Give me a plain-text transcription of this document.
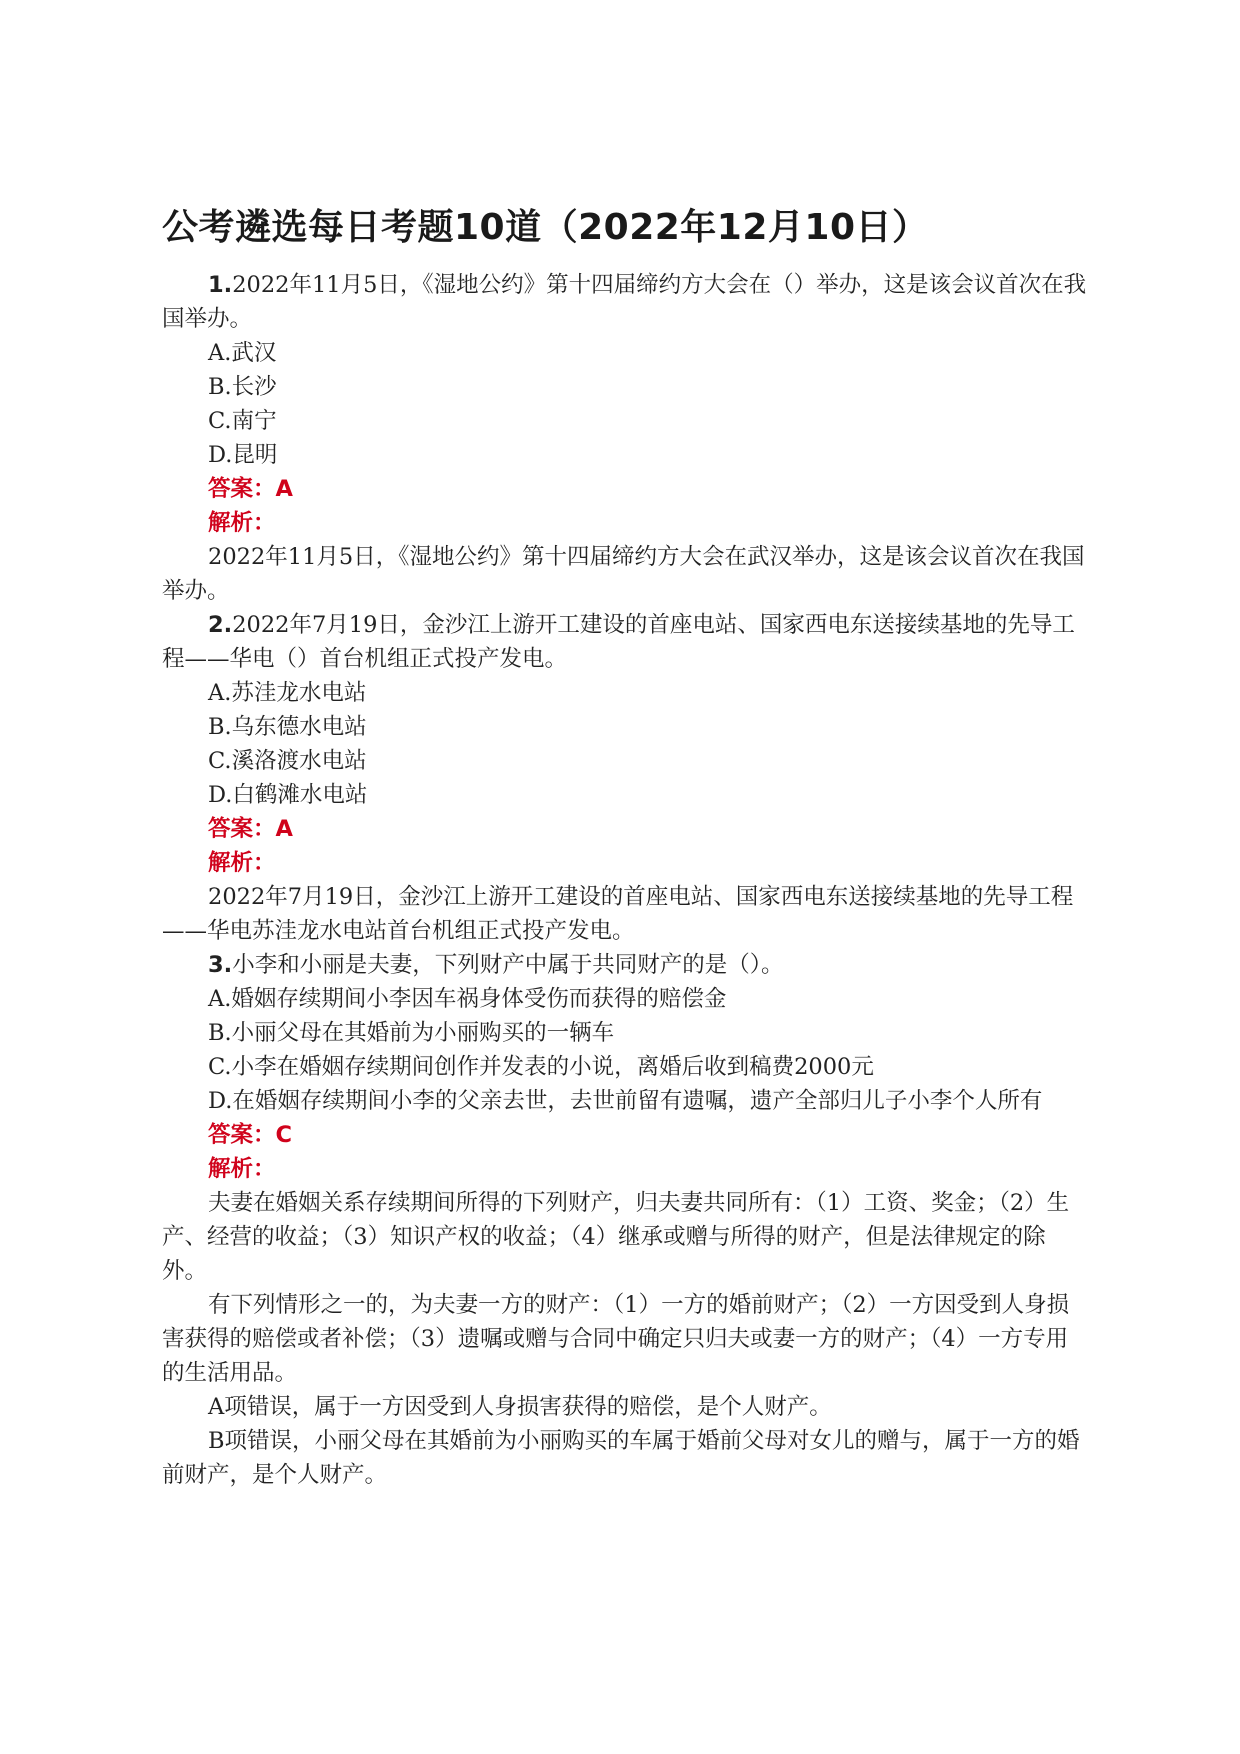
公考遴选每日考题10道（2022年12月10日）

1.2022年11月5日，《湿地公约》第十四届缔约方大会在（）举办，这是该会议首次在我国举办。

A.武汉

B.长沙

C.南宁

D.昆明

答案：A

解析：

2022年11月5日，《湿地公约》第十四届缔约方大会在武汉举办，这是该会议首次在我国举办。

2.2022年7月19日，金沙江上游开工建设的首座电站、国家西电东送接续基地的先导工程——华电（）首台机组正式投产发电。

A.苏洼龙水电站

B.乌东德水电站

C.溪洛渡水电站

D.白鹤滩水电站

答案：A

解析：

2022年7月19日，金沙江上游开工建设的首座电站、国家西电东送接续基地的先导工程——华电苏洼龙水电站首台机组正式投产发电。

3.小李和小丽是夫妻，下列财产中属于共同财产的是（）。

A.婚姻存续期间小李因车祸身体受伤而获得的赔偿金

B.小丽父母在其婚前为小丽购买的一辆车

C.小李在婚姻存续期间创作并发表的小说，离婚后收到稿费2000元

D.在婚姻存续期间小李的父亲去世，去世前留有遗嘱，遗产全部归儿子小李个人所有

答案：C

解析：

夫妻在婚姻关系存续期间所得的下列财产，归夫妻共同所有：（1）工资、奖金；（2）生产、经营的收益；（3）知识产权的收益；（4）继承或赠与所得的财产，但是法律规定的除外。

有下列情形之一的，为夫妻一方的财产：（1）一方的婚前财产；（2）一方因受到人身损害获得的赔偿或者补偿；（3）遗嘱或赠与合同中确定只归夫或妻一方的财产；（4）一方专用的生活用品。

A项错误，属于一方因受到人身损害获得的赔偿，是个人财产。

B项错误，小丽父母在其婚前为小丽购买的车属于婚前父母对女儿的赠与，属于一方的婚前财产，是个人财产。
